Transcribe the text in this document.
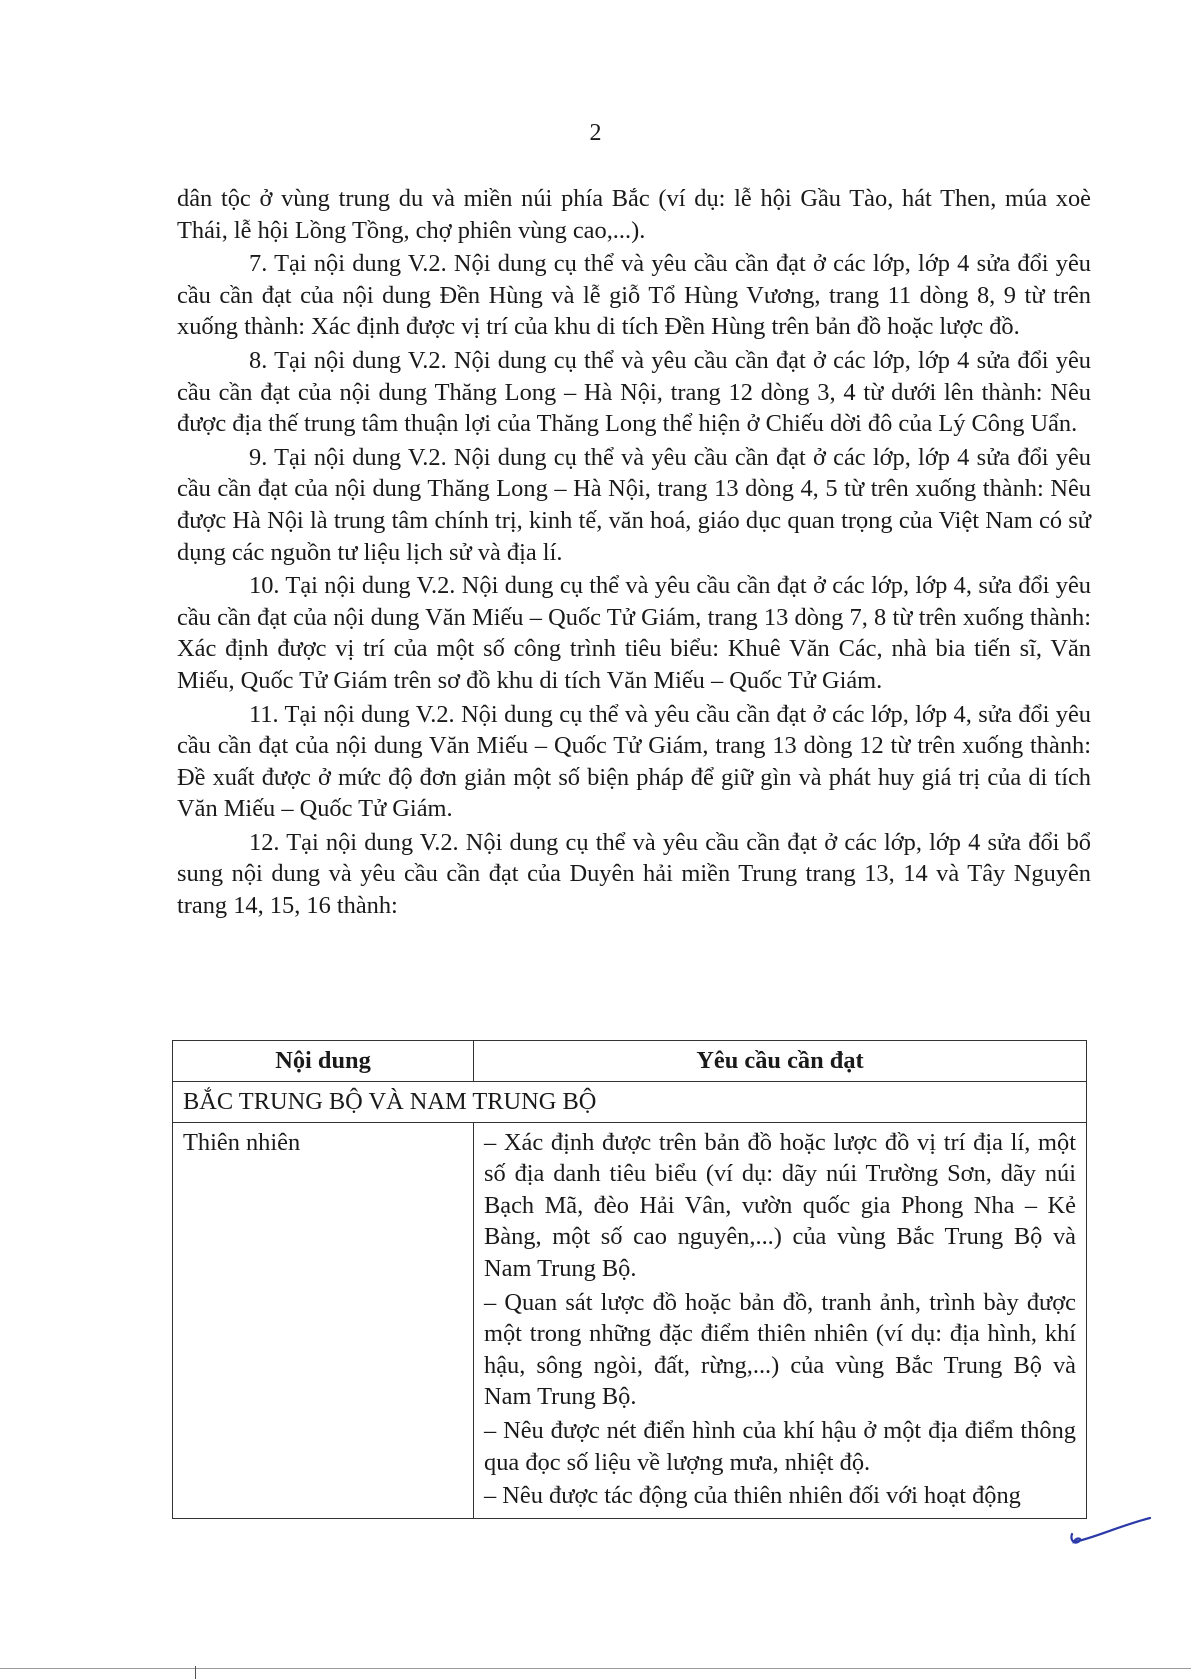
2

dân tộc ở vùng trung du và miền núi phía Bắc (ví dụ: lễ hội Gầu Tào, hát Then, múa xoè Thái, lễ hội Lồng Tồng, chợ phiên vùng cao,...).

7. Tại nội dung V.2. Nội dung cụ thể và yêu cầu cần đạt ở các lớp, lớp 4 sửa đổi yêu cầu cần đạt của nội dung Đền Hùng và lễ giỗ Tổ Hùng Vương, trang 11 dòng 8, 9 từ trên xuống thành: Xác định được vị trí của khu di tích Đền Hùng trên bản đồ hoặc lược đồ.

8. Tại nội dung V.2. Nội dung cụ thể và yêu cầu cần đạt ở các lớp, lớp 4 sửa đổi yêu cầu cần đạt của nội dung Thăng Long – Hà Nội, trang 12 dòng 3, 4 từ dưới lên thành: Nêu được địa thế trung tâm thuận lợi của Thăng Long thể hiện ở Chiếu dời đô của Lý Công Uẩn.

9. Tại nội dung V.2. Nội dung cụ thể và yêu cầu cần đạt ở các lớp, lớp 4 sửa đổi yêu cầu cần đạt của nội dung Thăng Long – Hà Nội, trang 13 dòng 4, 5 từ trên xuống thành: Nêu được Hà Nội là trung tâm chính trị, kinh tế, văn hoá, giáo dục quan trọng của Việt Nam có sử dụng các nguồn tư liệu lịch sử và địa lí.

10. Tại nội dung V.2. Nội dung cụ thể và yêu cầu cần đạt ở các lớp, lớp 4, sửa đổi yêu cầu cần đạt của nội dung Văn Miếu – Quốc Tử Giám, trang 13 dòng 7, 8 từ trên xuống thành: Xác định được vị trí của một số công trình tiêu biểu: Khuê Văn Các, nhà bia tiến sĩ, Văn Miếu, Quốc Tử Giám trên sơ đồ khu di tích Văn Miếu – Quốc Tử Giám.

11. Tại nội dung V.2. Nội dung cụ thể và yêu cầu cần đạt ở các lớp, lớp 4, sửa đổi yêu cầu cần đạt của nội dung Văn Miếu – Quốc Tử Giám, trang 13 dòng 12 từ trên xuống thành: Đề xuất được ở mức độ đơn giản một số biện pháp để giữ gìn và phát huy giá trị của di tích Văn Miếu – Quốc Tử Giám.

12. Tại nội dung V.2. Nội dung cụ thể và yêu cầu cần đạt ở các lớp, lớp 4 sửa đổi bổ sung nội dung và yêu cầu cần đạt của Duyên hải miền Trung trang 13, 14 và Tây Nguyên trang 14, 15, 16 thành:

Nội dung	Yêu cầu cần đạt
BẮC TRUNG BỘ VÀ NAM TRUNG BỘ	
Thiên nhiên	– Xác định được trên bản đồ hoặc lược đồ vị trí địa lí, một số địa danh tiêu biểu (ví dụ: dãy núi Trường Sơn, dãy núi Bạch Mã, đèo Hải Vân, vườn quốc gia Phong Nha – Kẻ Bàng, một số cao nguyên,...) của vùng Bắc Trung Bộ và Nam Trung Bộ.
– Quan sát lược đồ hoặc bản đồ, tranh ảnh, trình bày được một trong những đặc điểm thiên nhiên (ví dụ: địa hình, khí hậu, sông ngòi, đất, rừng,...) của vùng Bắc Trung Bộ và Nam Trung Bộ.
– Nêu được nét điển hình của khí hậu ở một địa điểm thông qua đọc số liệu về lượng mưa, nhiệt độ.
– Nêu được tác động của thiên nhiên đối với hoạt động
